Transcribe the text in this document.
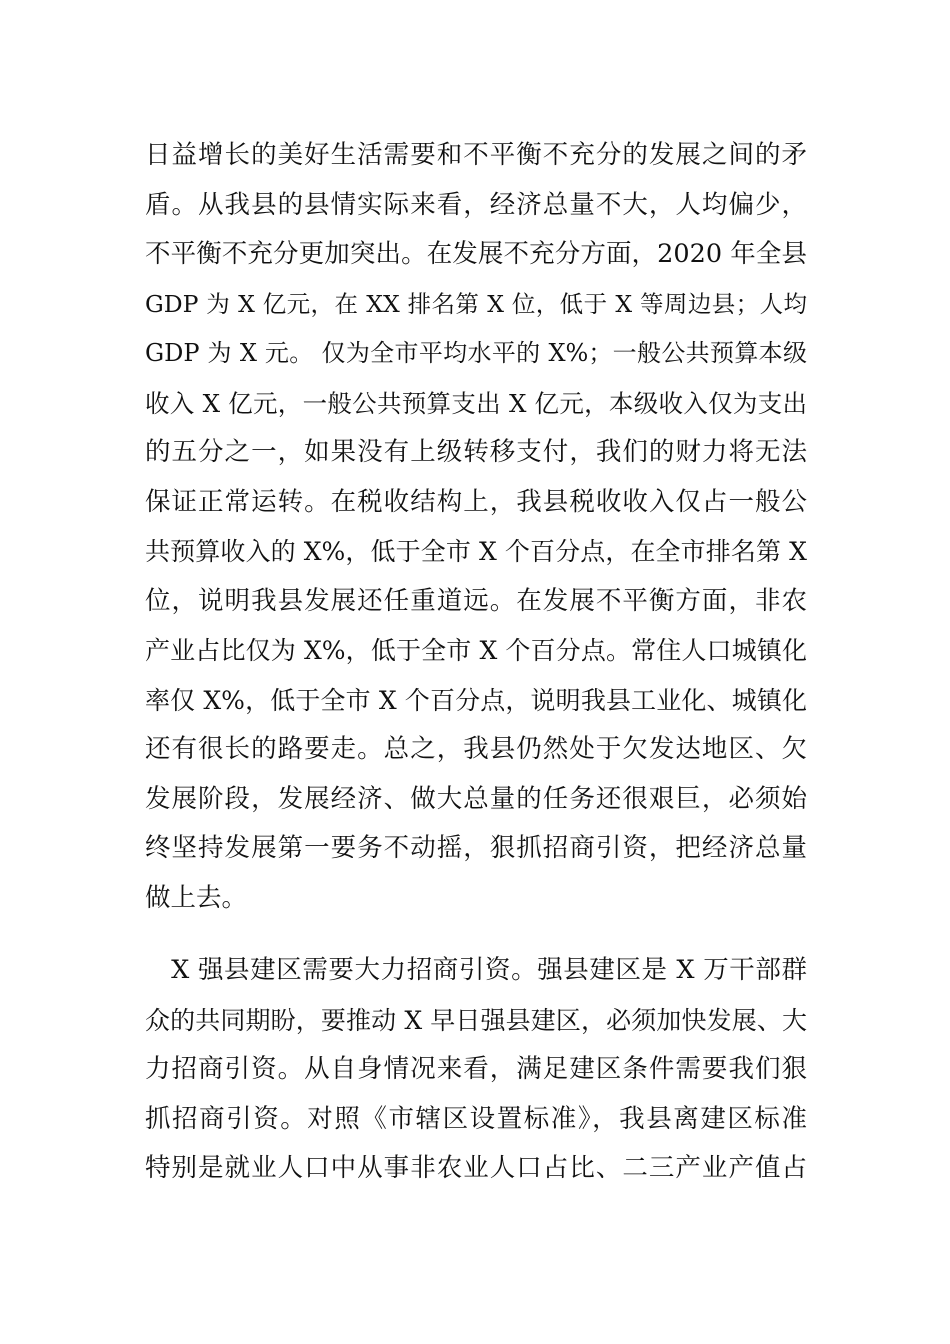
日益增长的美好生活需要和不平衡不充分的发展之间的矛
盾。从我县的县情实际来看，经济总量不大，人均偏少，
不平衡不充分更加突出。在发展不充分方面，2020 年全县
GDP 为 X 亿元，在 XX 排名第 X 位，低于 X 等周边县；人均
GDP 为 X 元。 仅为全市平均水平的 X%；一般公共预算本级
收入 X 亿元，一般公共预算支出 X 亿元，本级收入仅为支出
的五分之一，如果没有上级转移支付，我们的财力将无法
保证正常运转。在税收结构上，我县税收收入仅占一般公
共预算收入的 X%，低于全市 X 个百分点，在全市排名第 X
位，说明我县发展还任重道远。在发展不平衡方面，非农
产业占比仅为 X%，低于全市 X 个百分点。常住人口城镇化
率仅 X%，低于全市 X 个百分点，说明我县工业化、城镇化
还有很长的路要走。总之，我县仍然处于欠发达地区、欠
发展阶段，发展经济、做大总量的任务还很艰巨，必须始
终坚持发展第一要务不动摇，狠抓招商引资，把经济总量
做上去。
　X 强县建区需要大力招商引资。强县建区是 X 万干部群
众的共同期盼，要推动 X 早日强县建区，必须加快发展、大
力招商引资。从自身情况来看，满足建区条件需要我们狠
抓招商引资。对照《市辖区设置标准》，我县离建区标准
特别是就业人口中从事非农业人口占比、二三产业产值占
